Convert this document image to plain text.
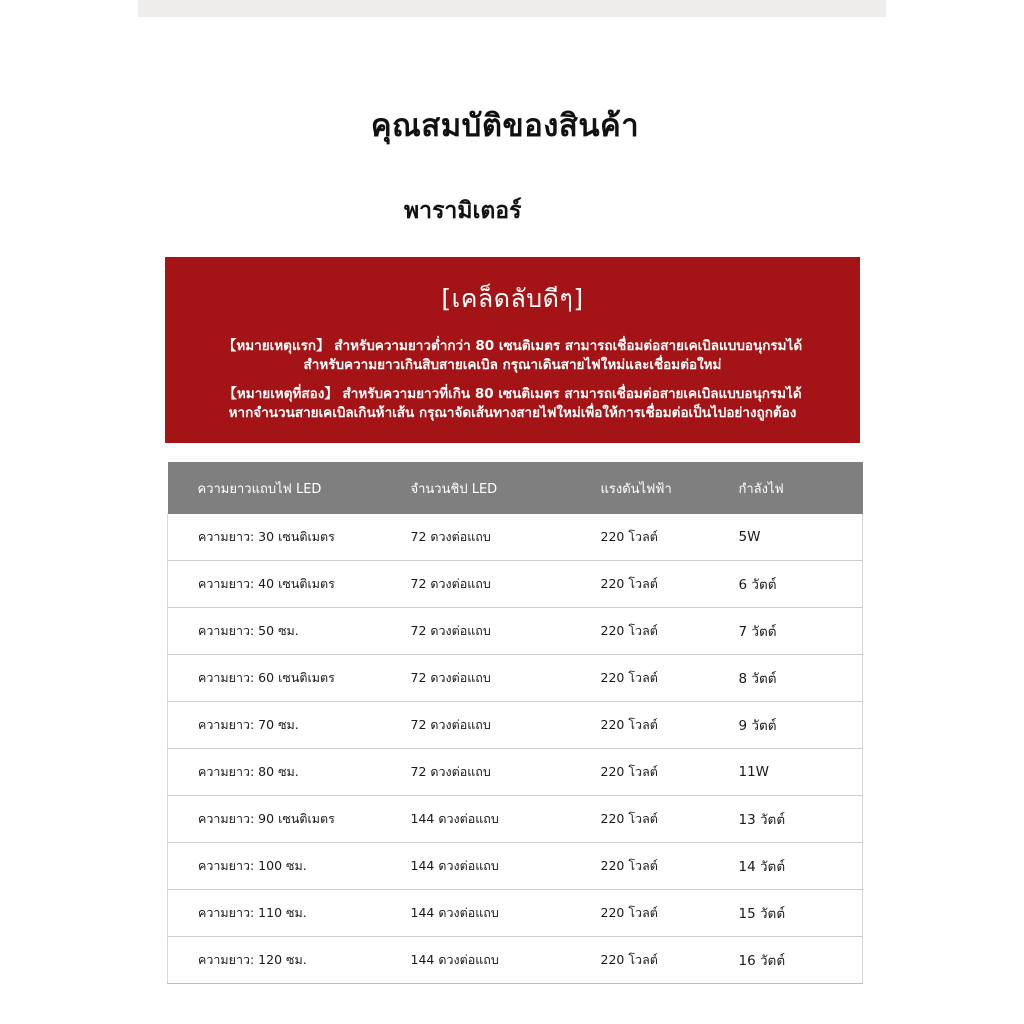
คุณสมบัติของสินค้า
พารามิเตอร์
[เคล็ดลับดีๆ]
【หมายเหตุแรก】 สำหรับความยาวต่ำกว่า 80 เซนติเมตร สามารถเชื่อมต่อสายเคเบิลแบบอนุกรมได้
สำหรับความยาวเกินสิบสายเคเบิล กรุณาเดินสายไฟใหม่และเชื่อมต่อใหม่
【หมายเหตุที่สอง】 สำหรับความยาวที่เกิน 80 เซนติเมตร สามารถเชื่อมต่อสายเคเบิลแบบอนุกรมได้
หากจำนวนสายเคเบิลเกินห้าเส้น กรุณาจัดเส้นทางสายไฟใหม่เพื่อให้การเชื่อมต่อเป็นไปอย่างถูกต้อง
ความยาวแถบไฟ LED	จำนวนชิป LED	แรงดันไฟฟ้า	กำลังไฟ
ความยาว: 30 เซนติเมตร	72 ดวงต่อแถบ	220 โวลต์	5W
ความยาว: 40 เซนติเมตร	72 ดวงต่อแถบ	220 โวลต์	6 วัตต์
ความยาว: 50 ซม.	72 ดวงต่อแถบ	220 โวลต์	7 วัตต์
ความยาว: 60 เซนติเมตร	72 ดวงต่อแถบ	220 โวลต์	8 วัตต์
ความยาว: 70 ซม.	72 ดวงต่อแถบ	220 โวลต์	9 วัตต์
ความยาว: 80 ซม.	72 ดวงต่อแถบ	220 โวลต์	11W
ความยาว: 90 เซนติเมตร	144 ดวงต่อแถบ	220 โวลต์	13 วัตต์
ความยาว: 100 ซม.	144 ดวงต่อแถบ	220 โวลต์	14 วัตต์
ความยาว: 110 ซม.	144 ดวงต่อแถบ	220 โวลต์	15 วัตต์
ความยาว: 120 ซม.	144 ดวงต่อแถบ	220 โวลต์	16 วัตต์
